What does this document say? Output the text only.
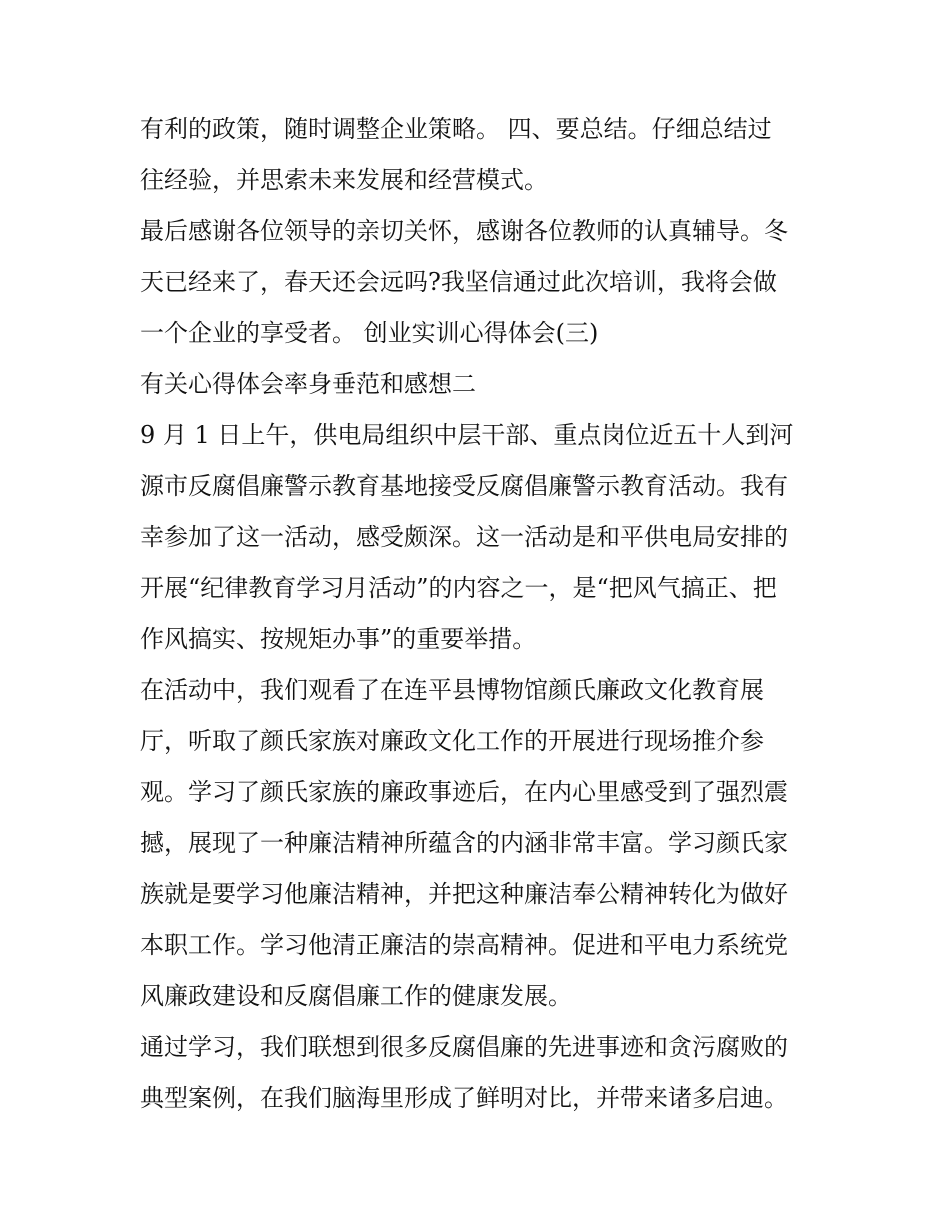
有利的政策，随时调整企业策略。 四、要总结。仔细总结过
往经验，并思索未来发展和经营模式。
最后感谢各位领导的亲切关怀，感谢各位教师的认真辅导。冬
天已经来了，春天还会远吗?我坚信通过此次培训，我将会做
一个企业的享受者。 创业实训心得体会(三)
有关心得体会率身垂范和感想二
9 月 1 日上午，供电局组织中层干部、重点岗位近五十人到河
源市反腐倡廉警示教育基地接受反腐倡廉警示教育活动。我有
幸参加了这一活动，感受颇深。这一活动是和平供电局安排的
开展“纪律教育学习月活动”的内容之一，是“把风气搞正、把
作风搞实、按规矩办事”的重要举措。
在活动中，我们观看了在连平县博物馆颜氏廉政文化教育展
厅，听取了颜氏家族对廉政文化工作的开展进行现场推介参
观。学习了颜氏家族的廉政事迹后，在内心里感受到了强烈震
撼，展现了一种廉洁精神所蕴含的内涵非常丰富。学习颜氏家
族就是要学习他廉洁精神，并把这种廉洁奉公精神转化为做好
本职工作。学习他清正廉洁的崇高精神。促进和平电力系统党
风廉政建设和反腐倡廉工作的健康发展。
通过学习，我们联想到很多反腐倡廉的先进事迹和贪污腐败的
典型案例，在我们脑海里形成了鲜明对比，并带来诸多启迪。
